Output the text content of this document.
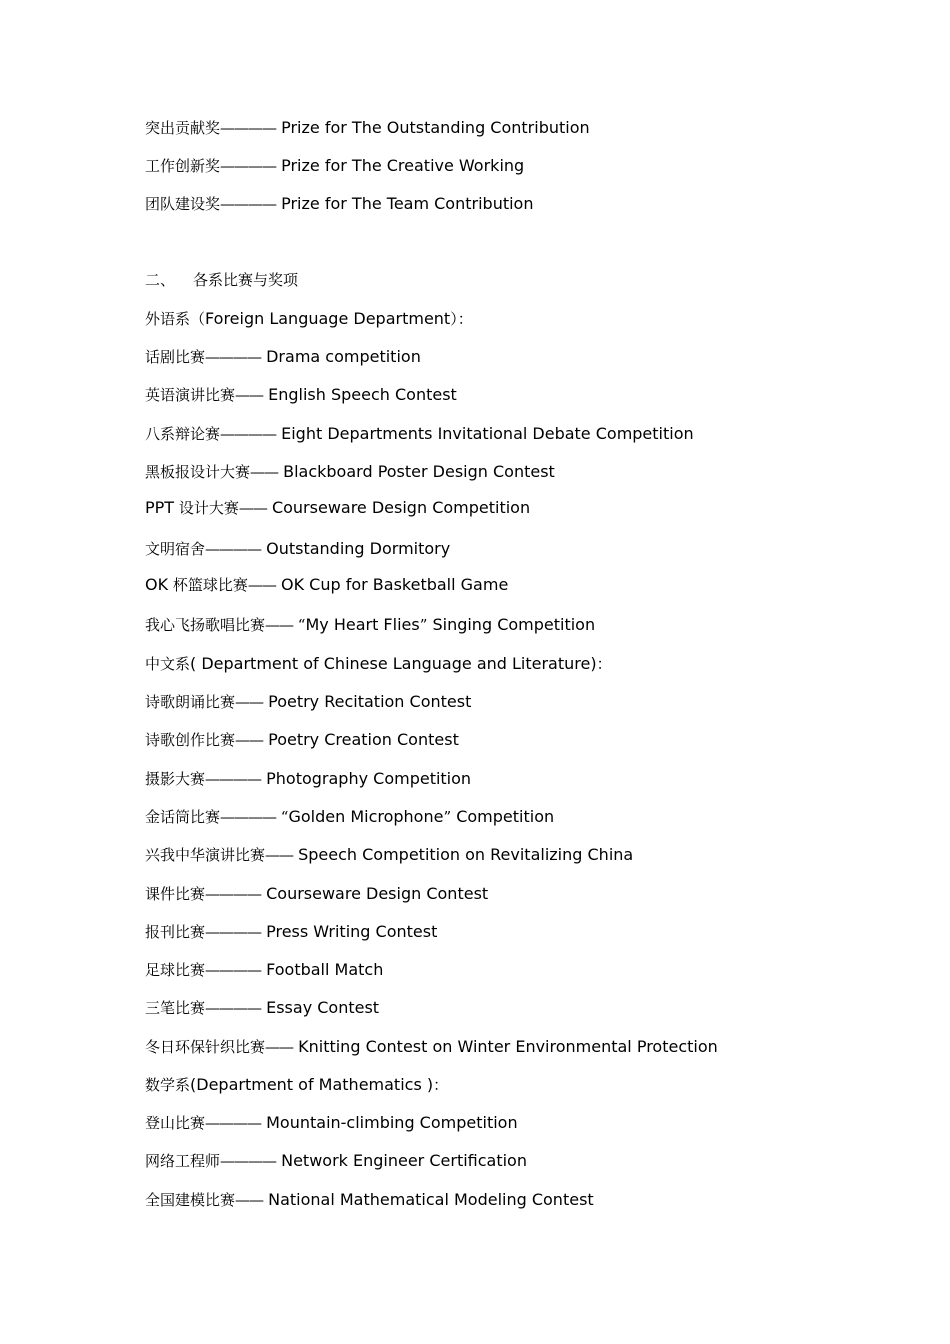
突出贡献奖———— Prize for The Outstanding Contribution

工作创新奖———— Prize for The Creative Working

团队建设奖———— Prize for The Team Contribution

二、 各系比赛与奖项

外语系（Foreign Language Department）：

话剧比赛———— Drama competition

英语演讲比赛—— English Speech Contest

八系辩论赛———— Eight Departments Invitational Debate Competition

黑板报设计大赛—— Blackboard Poster Design Contest

PPT 设计大赛—— Courseware Design Competition

文明宿舍———— Outstanding Dormitory

OK 杯篮球比赛—— OK Cup for Basketball Game

我心飞扬歌唱比赛—— “My Heart Flies” Singing Competition

中文系( Department of Chinese Language and Literature)：

诗歌朗诵比赛—— Poetry Recitation Contest

诗歌创作比赛—— Poetry Creation Contest

摄影大赛———— Photography Competition

金话筒比赛———— “Golden Microphone” Competition

兴我中华演讲比赛—— Speech Competition on Revitalizing China

课件比赛———— Courseware Design Contest

报刊比赛———— Press Writing Contest

足球比赛———— Football Match

三笔比赛———— Essay Contest

冬日环保针织比赛—— Knitting Contest on Winter Environmental Protection

数学系(Department of Mathematics )：

登山比赛———— Mountain-climbing Competition

网络工程师———— Network Engineer Certification

全国建模比赛—— National Mathematical Modeling Contest
